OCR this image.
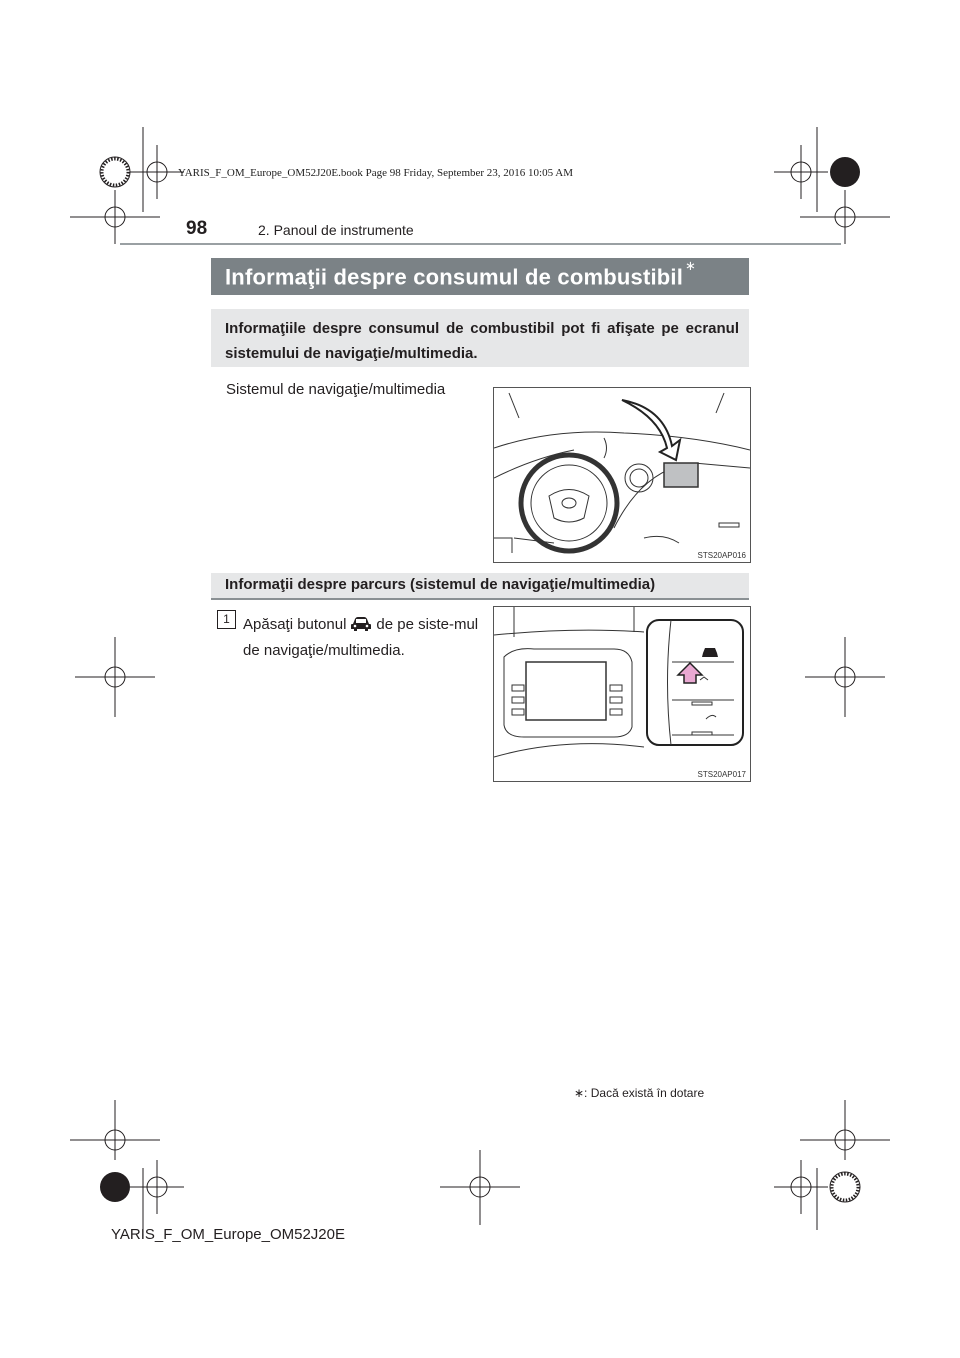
YARIS_F_OM_Europe_OM52J20E.book Page 98 Friday, September 23, 2016 10:05 AM
98	2. Panoul de instrumente
Informaţii despre consumul de combustibil ∗
Informaţiile despre consumul de combustibil pot fi afişate pe ecranul sistemului de navigaţie/multimedia.
Sistemul de navigaţie/multimedia
STS20AP016
Informaţii despre parcurs (sistemul de navigaţie/multimedia)
1 Apăsaţi butonul de pe siste-mul de navigaţie/multimedia.
STS20AP017
∗: Dacă există în dotare
YARIS_F_OM_Europe_OM52J20E
